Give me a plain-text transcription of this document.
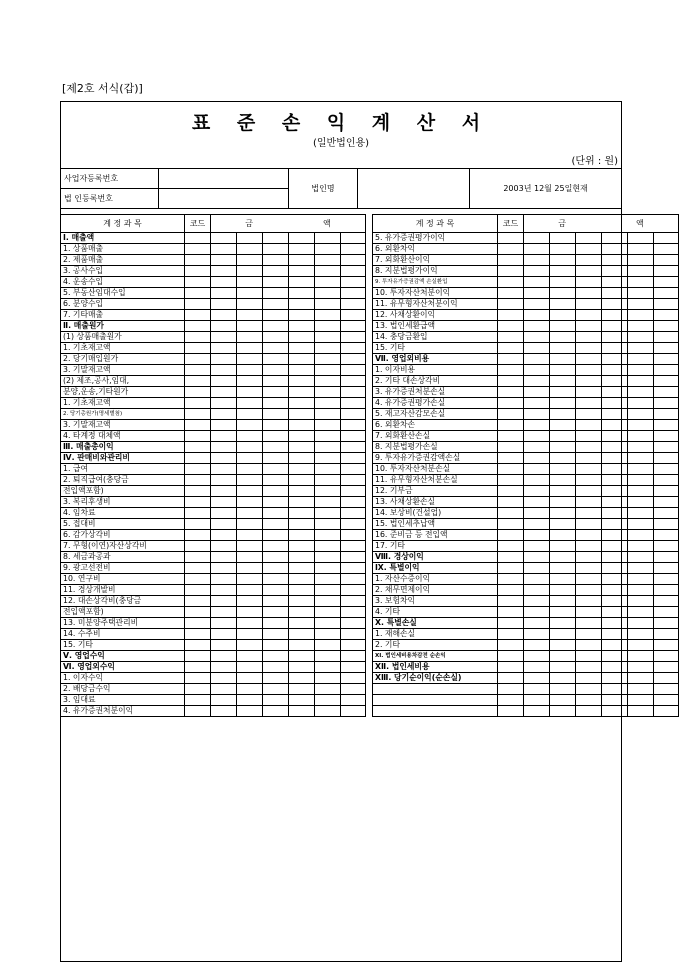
[제2호 서식(갑)]
표 준 손 익 계 산 서
(일반법인용)
(단위 : 원)
사업자등록번호		법인명		2003년 12월 25일현재
법 인등록번호				
계 정 과 목	코드	금 액							계 정 과 목	코드	금 액					
Ⅰ. 매출액									5. 유가증권평가이익							
1. 상품매출									6. 외환차익							
2. 제품매출									7. 외화환산이익							
3. 공사수입									8. 지분법평가이익							
4. 운송수입									9. 투자유가증권감액 손실환입							
5. 부동산임대수입									10. 투자자산처분이익							
6. 분양수입									11. 유무형자산처분이익							
7. 기타매출									12. 사채상환이익							
Ⅱ. 매출원가									13. 법인세환급액							
(1) 상품매출원가									14. 충당금환입							
1. 기초재고액									15. 기타							
2. 당기매입원가									Ⅶ. 영업외비용							
3. 기말재고액									1. 이자비용							
(2) 제조,공사,임대,									2. 기타 대손상각비							
분양,운송,기타원가									3. 유가증권처분손실							
1. 기초재고액									4. 유가증권평가손실							
2. 당기총원가(명세별첨)									5. 재고자산감모손실							
3. 기말재고액									6. 외환차손							
4. 타계정 대체액									7. 외화환산손실							
Ⅲ. 매출총이익									8. 지분법평가손실							
Ⅳ. 판매비와관리비									9. 투자유가증권감액손실							
1. 급여									10. 투자자산처분손실							
2. 퇴직급여(충당금									11. 유무형자산처분손실							
전입액포함)									12. 기부금							
3. 복리후생비									13. 사채상환손실							
4. 임차료									14. 보상비(건설업)							
5. 접대비									15. 법인세추납액							
6. 감가상각비									16. 준비금 등 전입액							
7. 무형(이연)자산상각비									17. 기타							
8. 세금과공과									Ⅷ. 경상이익							
9. 광고선전비									Ⅸ. 특별이익							
10. 연구비									1. 자산수증이익							
11. 경상개발비									2. 채무면제이익							
12. 대손상각비(충당금									3. 보험차익							
전입액포함)									4. 기타							
13. 미분양주택관리비									Ⅹ. 특별손실							
14. 수주비									1. 재해손실							
15. 기타									2. 기타							
Ⅴ. 영업수익									ⅩⅠ. 법인세비용차감전 순손익							
Ⅵ. 영업외수익									ⅩⅡ. 법인세비용							
1. 이자수익									ⅩⅢ. 당기순이익(순손실)							
2. 배당금수익																
3. 임대료																
4. 유가증권처분이익																
